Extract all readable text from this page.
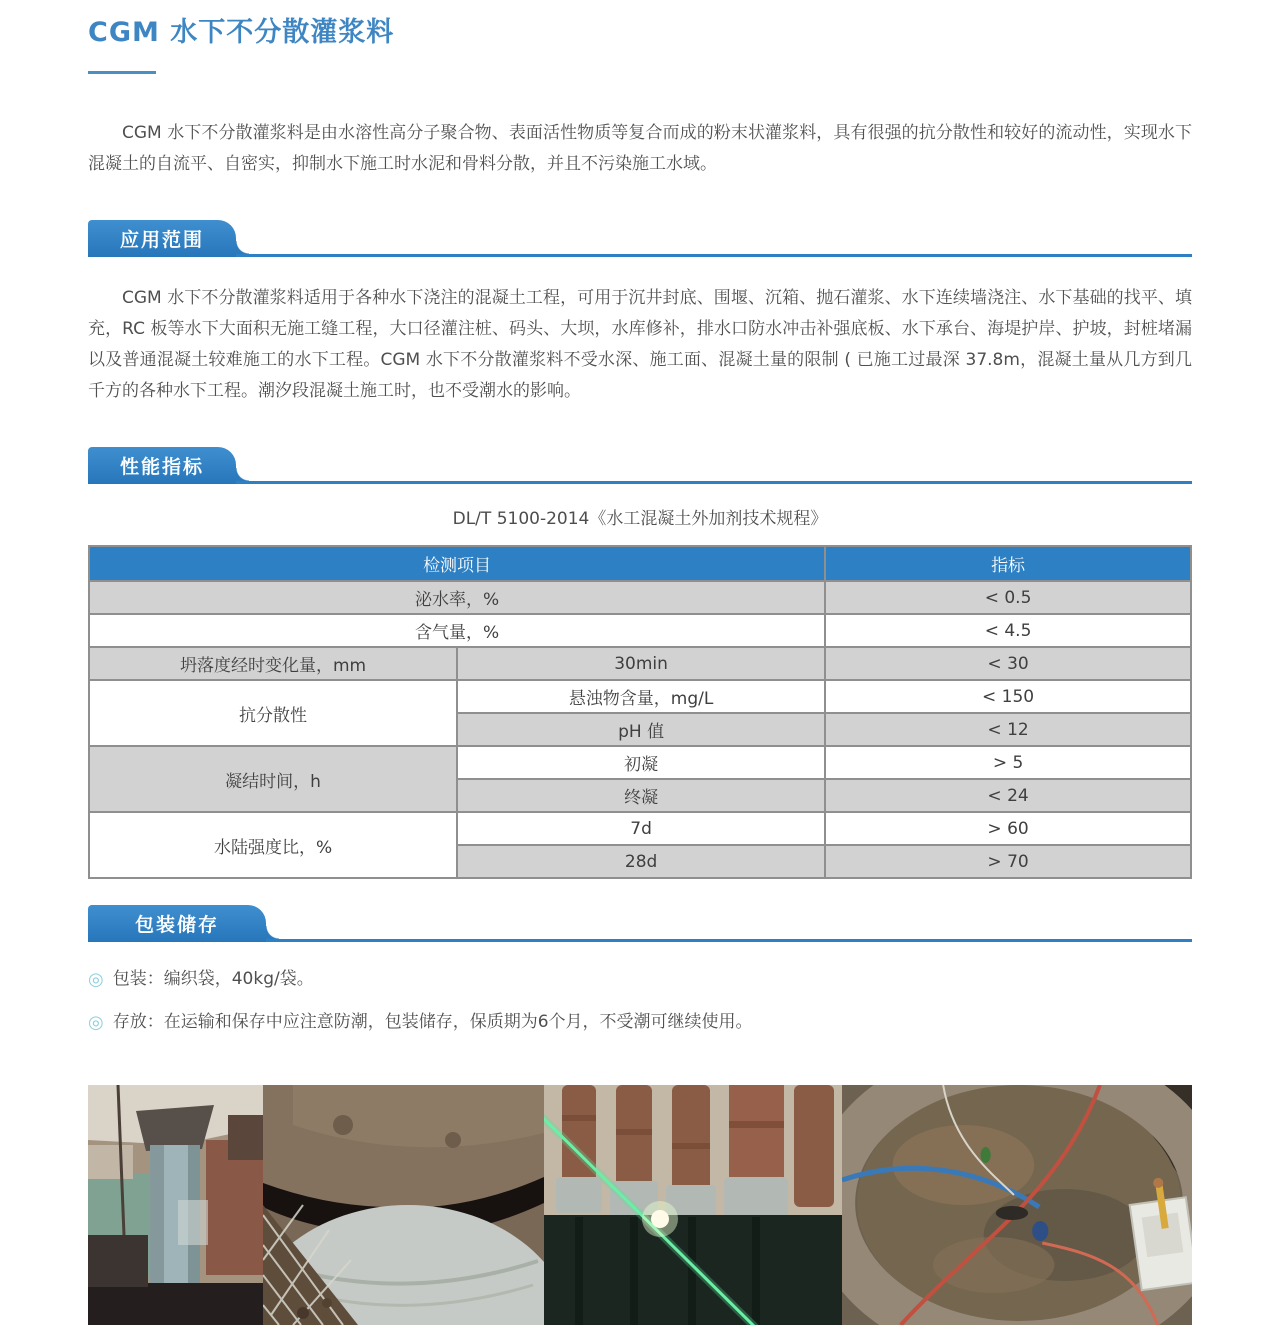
CGM 水下不分散灌浆料

CGM 水下不分散灌浆料是由水溶性高分子聚合物、表面活性物质等复合而成的粉末状灌浆料，具有很强的抗分散性和较好的流动性，实现水下混凝土的自流平、自密实，抑制水下施工时水泥和骨料分散，并且不污染施工水域。

应用范围

CGM 水下不分散灌浆料适用于各种水下浇注的混凝土工程，可用于沉井封底、围堰、沉箱、抛石灌浆、水下连续墙浇注、水下基础的找平、填充，RC 板等水下大面积无施工缝工程，大口径灌注桩、码头、大坝，水库修补，排水口防水冲击补强底板、水下承台、海堤护岸、护坡，封桩堵漏以及普通混凝土较难施工的水下工程。CGM 水下不分散灌浆料不受水深、施工面、混凝土量的限制 ( 已施工过最深 37.8m，混凝土量从几方到几千方的各种水下工程。潮汐段混凝土施工时，也不受潮水的影响。

性能指标
DL/T 5100-2014《水工混凝土外加剂技术规程》
检测项目		指标
泌水率，%		< 0.5
含气量，%		< 4.5
坍落度经时变化量，mm	30min	< 30
抗分散性	悬浊物含量，mg/L	< 150
	pH 值	< 12
凝结时间，h	初凝	> 5
	终凝	< 24
水陆强度比，%	7d	> 60
	28d	> 70
包装储存
◎ 包装：编织袋，40kg/袋。
◎ 存放：在运输和保存中应注意防潮，包装储存，保质期为6个月，不受潮可继续使用。
